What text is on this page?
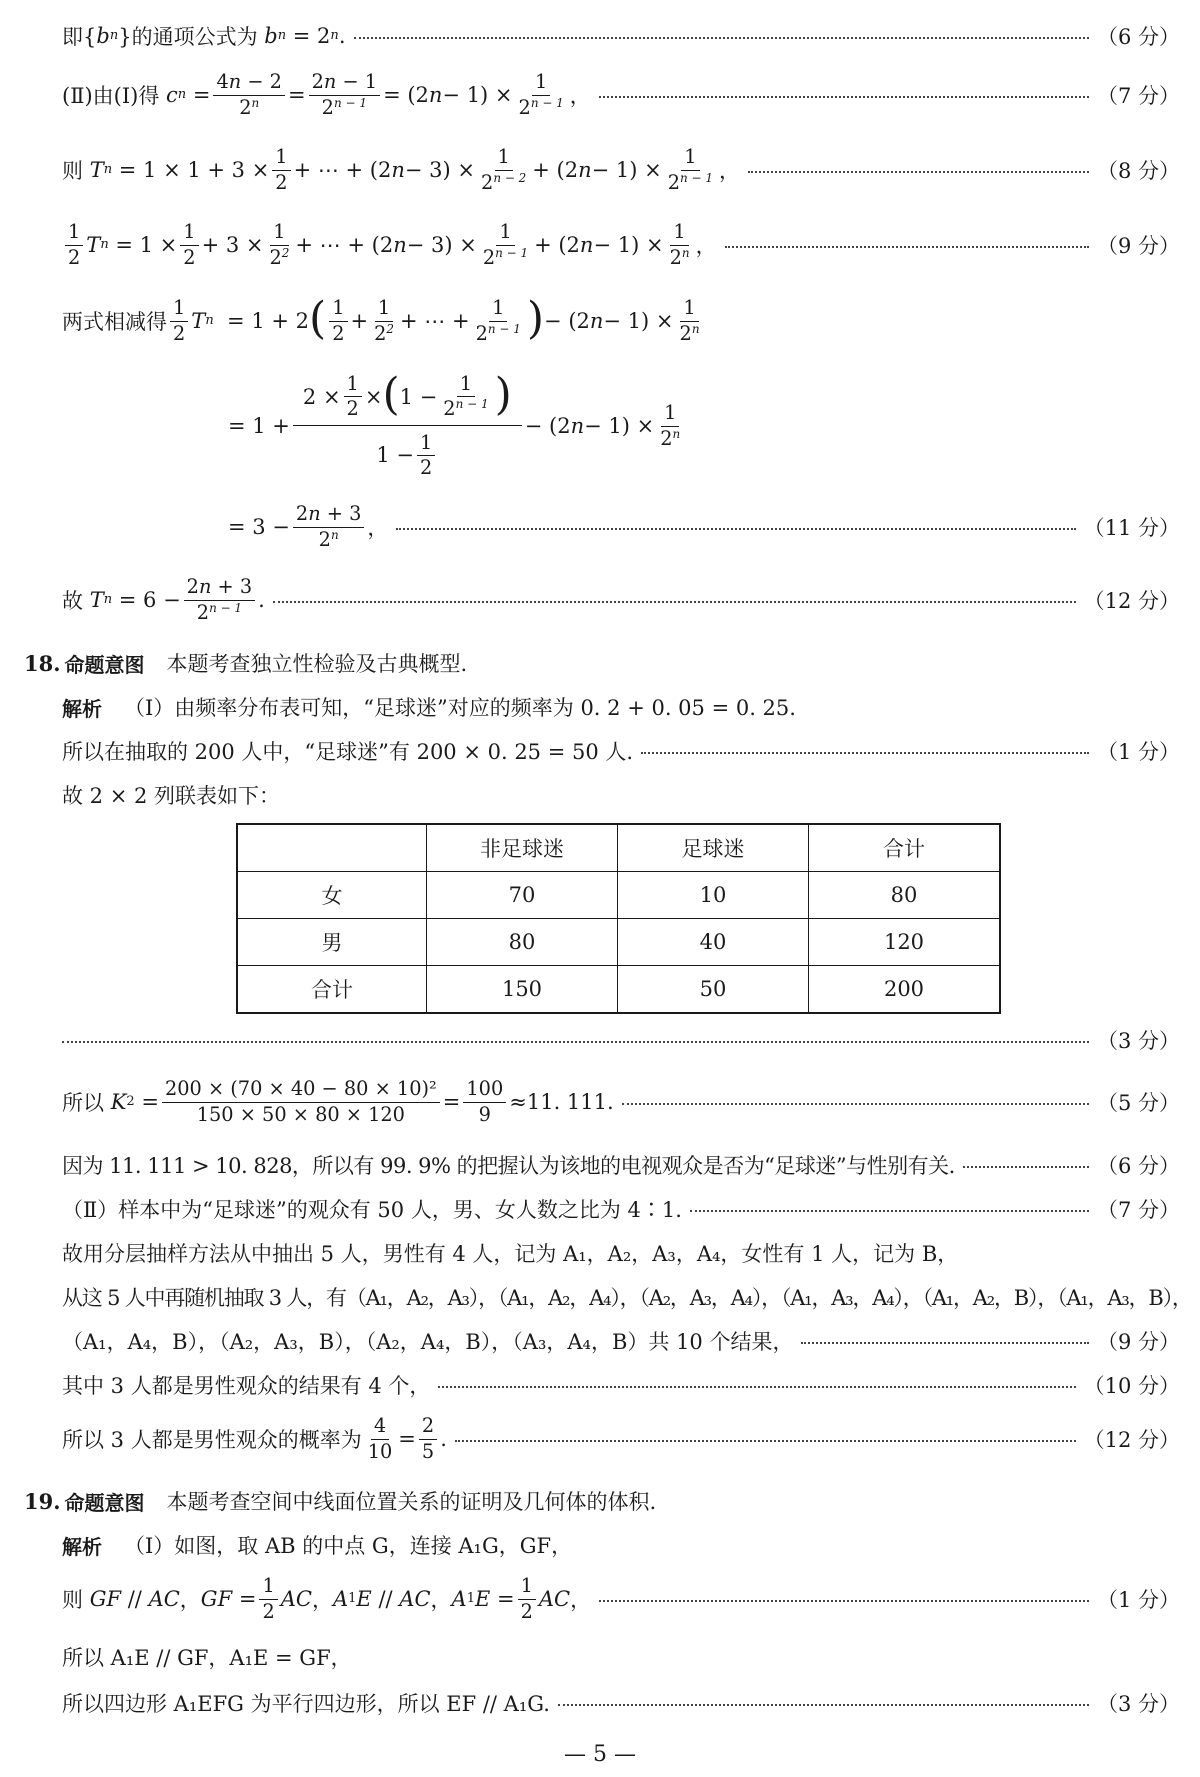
即{ b n }的通项公式为 b n = 2 n .	（6 分）
(Ⅱ)由(Ⅰ)得 c $n = \frac{4n - 2}{2^n} = \frac{2n - 1}{2^{n - 1}} = (2$ $n - 1) \times \frac{1}{2^{n - 1}}$ ，	（7 分）
则 T $n = 1 \times 1 + 3 \times \frac{1}{2}$ + ⋯ + (2 $n - 3) \times \frac{1}{2^{n - 2}} + (2$ $n - 1) \times \frac{1}{2^{n - 1}}$ ，	（8 分）
$\frac{1}{2}$ T $n = 1 \times \frac{1}{2} + 3 \times \frac{1}{2^2}$ + ⋯ + (2 $n - 3) \times \frac{1}{2^{n - 1}} + (2$ $n - 1) \times \frac{1}{2^n}$ ，	（9 分）
两式相减得 $\frac{1}{2}$ T n = 1 + 2 ( $\frac{1}{2} + \frac{1}{2^2}$ + ⋯ + $\frac{1}{2^{n - 1}}$ ) − (2 $n - 1) \times \frac{1}{2^n}$
= $1 + \frac{2 \times \frac{1}{2} \times ( 1 - \frac{1}{2^{n - 1}} )}{1 - \frac{1}{2}} - (2$ $n - 1) \times \frac{1}{2^n}$
= $3 - \frac{2n + 3}{2^n}$ ，	（11 分）
故
T $n = 6 - \frac{2n + 3}{2^{n - 1}}$ .	（12 分）
18. 命题意图 本题考查独立性检验及古典概型.
解析 （Ⅰ）由频率分布表可知，“足球迷”对应的频率为 0. 2 + 0. 05 = 0. 25.
所以在抽取的 200 人中，“足球迷”有 200 × 0. 25 = 50 人.	（1 分）
故 2 × 2 列联表如下：
	非足球迷	足球迷	合计
女	70	10	80
男	80	40	120
合计	150	50	200
（3 分）
所以
K $2 = \frac{\text{200 × (70 × 40 − 80 × 10)²}}{150 \times 50 \times 80 \times 120} = \frac{100}{9} \approx 11$. 111.	（5 分）
因为 11. 111 > 10. 828，所以有 99. 9% 的把握认为该地的电视观众是否为“足球迷”与性别有关.	（6 分）
（Ⅱ）样本中为“足球迷”的观众有 50 人，男、女人数之比为 4∶1.	（7 分）
故用分层抽样方法从中抽出 5 人，男性有 4 人，记为 A₁，A₂，A₃，A₄，女性有 1 人，记为 B，
从这 5 人中再随机抽取 3 人，有（A₁，A₂，A₃），（A₁，A₂，A₄），（A₂，A₃，A₄），（A₁，A₃，A₄），（A₁，A₂，B），（A₁，A₃，B），
（A₁，A₄，B），（A₂，A₃，B），（A₂，A₄，B），（A₃，A₄，B）共 10 个结果，	（9 分）
其中 3 人都是男性观众的结果有 4 个，	（10 分）
所以 3 人都是男性观众的概率为 $\frac{4}{10} = \frac{2}{5}$ .	（12 分）
19. 命题意图 本题考查空间中线面位置关系的证明及几何体的体积.
解析 （Ⅰ）如图，取 AB 的中点 G，连接 A₁G，GF，
则 GF // AC ， GF = $\frac{1}{2}$ AC ， A 1 E // AC ， A 1 $E = \frac{1}{2}$ AC ，	（1 分）
所以 A₁E // GF，A₁E = GF，
所以四边形 A₁EFG 为平行四边形，所以 EF // A₁G.	（3 分）
— 5 —
